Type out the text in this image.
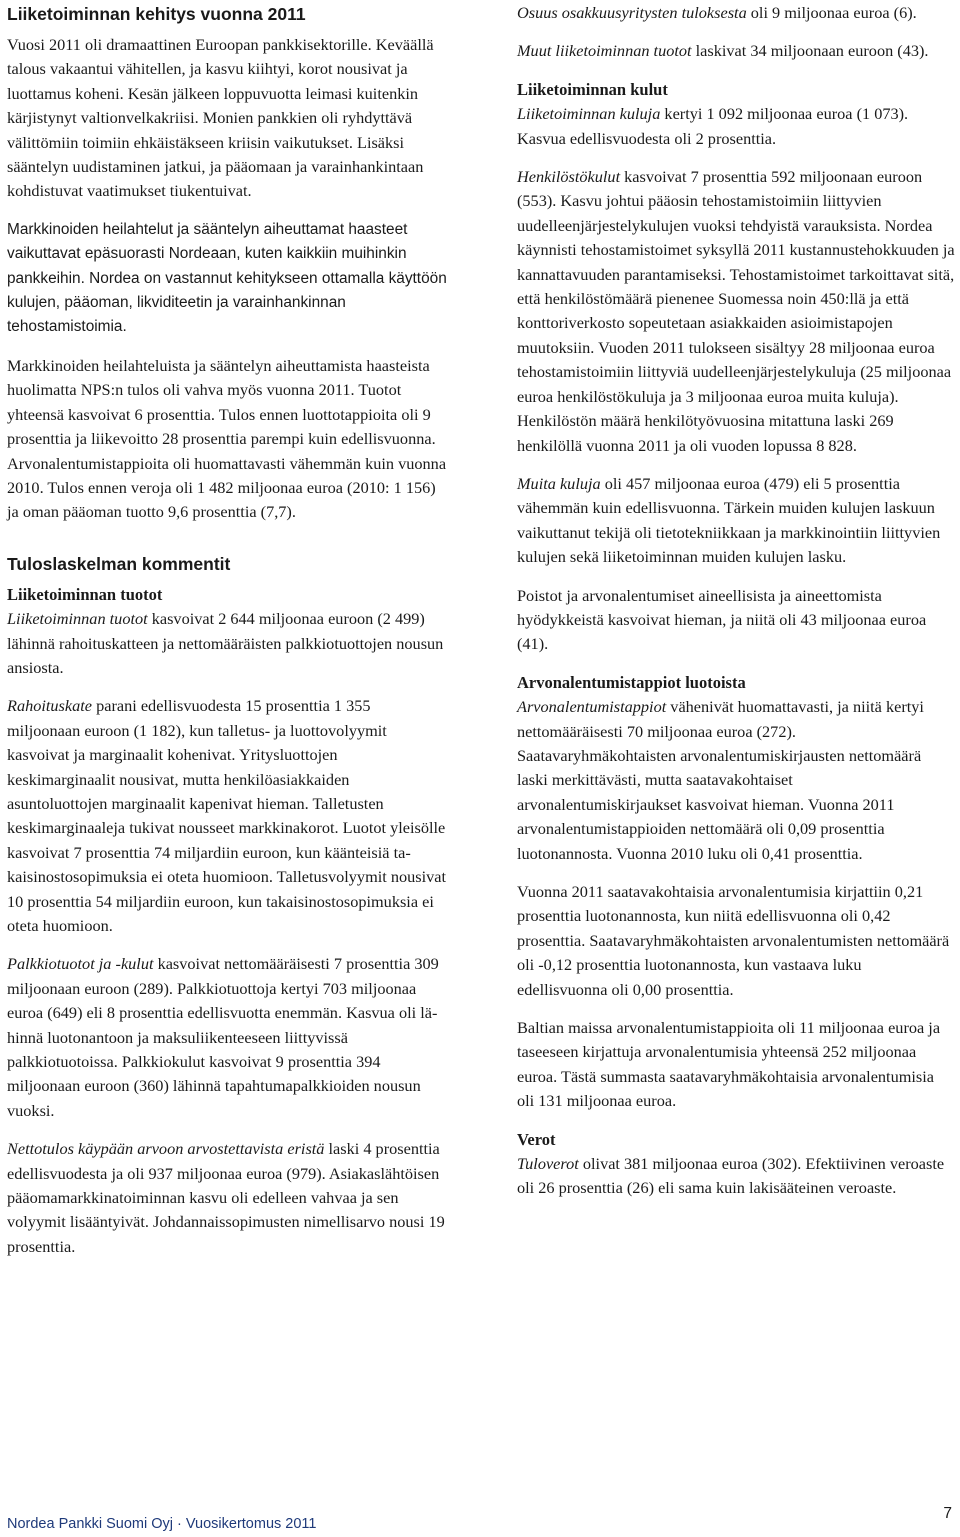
Liiketoiminnan kehitys vuonna 2011

Vuosi 2011 oli dramaattinen Euroopan pankkisektorille. Keväällä talous vakaantui vähitellen, ja kasvu kiihtyi, korot nousivat ja luottamus koheni. Kesän jälkeen loppuvuotta leimasi kuitenkin kärjistynyt valtionvelkakriisi. Monien pankkien oli ryhdyttävä välittömiin toimiin ehkäistäkseen kriisin vaikutukset. Lisäksi sääntelyn uudistaminen jatkui, ja pääomaan ja varainhankintaan kohdistuvat vaatimukset tiukentuivat.

Markkinoiden heilahtelut ja sääntelyn aiheuttamat haasteet vaikuttavat epäsuorasti Nordeaan, kuten kaikkiin muihinkin pankkeihin. Nordea on vastannut kehitykseen ottamalla käyttöön kulujen, pääoman, likviditeetin ja varainhankinnan tehostamistoimia.

Markkinoiden heilahteluista ja sääntelyn aiheuttamista haasteista huolimatta NPS:n tulos oli vahva myös vuonna 2011. Tuotot yhteensä kasvoivat 6 prosenttia. Tulos ennen luottotappioita oli 9 prosenttia ja liikevoitto 28 prosenttia parempi kuin edellisvuonna. Arvonalentumistappioita oli huomattavasti vähemmän kuin vuonna 2010. Tulos ennen veroja oli 1 482 miljoonaa euroa (2010: 1 156) ja oman pääoman tuotto 9,6 prosenttia (7,7).

Tuloslaskelman kommentit
Liiketoiminnan tuotot

Liiketoiminnan tuotot kasvoivat 2 644 miljoonaa euroon (2 499) lähinnä rahoituskatteen ja nettomääräisten palkkiotuottojen nousun ansiosta.

Rahoituskate parani edellisvuodesta 15 prosenttia 1 355 miljoonaan euroon (1 182), kun talletus- ja luottovolyymit kasvoivat ja marginaalit kohenivat. Yritysluottojen keskimarginaalit nousivat, mutta henkilöasiakkaiden asuntoluottojen marginaalit kapenivat hieman. Talletusten keskimarginaaleja tukivat nousseet markkinakorot. Luotot yleisölle kasvoivat 7 prosenttia 74 miljardiin euroon, kun käänteisiä takaisinostosopimuksia ei oteta huomioon. Talletusvolyymit nousivat 10 prosenttia 54 miljardiin euroon, kun takaisinostosopimuksia ei oteta huomioon.

Palkkiotuotot ja -kulut kasvoivat nettomääräisesti 7 prosenttia 309 miljoonaan euroon (289). Palkkiotuottoja kertyi 703 miljoonaa euroa (649) eli 8 prosenttia edellisvuotta enemmän. Kasvua oli lähinnä luotonantoon ja maksuliikenteeseen liittyvissä palkkiotuotoissa. Palkkiokulut kasvoivat 9 prosenttia 394 miljoonaan euroon (360) lähinnä tapahtumapalkkioiden nousun vuoksi.

Nettotulos käypään arvoon arvostettavista eristä laski 4 prosenttia edellisvuodesta ja oli 937 miljoonaa euroa (979). Asiakaslähtöisen pääomamarkkinatoiminnan kasvu oli edelleen vahvaa ja sen volyymit lisääntyivät. Johdannaissopimusten nimellisarvo nousi 19 prosenttia.

Osuus osakkuusyritysten tuloksesta oli 9 miljoonaa euroa (6).

Muut liiketoiminnan tuotot laskivat 34 miljoonaan euroon (43).

Liiketoiminnan kulut

Liiketoiminnan kuluja kertyi 1 092 miljoonaa euroa (1 073). Kasvua edellisvuodesta oli 2 prosenttia.

Henkilöstökulut kasvoivat 7 prosenttia 592 miljoonaan euroon (553). Kasvu johtui pääosin tehostamistoimiin liittyvien uudelleenjärjestelykulujen vuoksi tehdyistä varauksista. Nordea käynnisti tehostamistoimet syksyllä 2011 kustannustehokkuuden ja kannattavuuden parantamiseksi. Tehostamistoimet tarkoittavat sitä, että henkilöstömäärä pienenee Suomessa noin 450:llä ja että konttoriverkosto sopeutetaan asiakkaiden asioimistapojen muutoksiin. Vuoden 2011 tulokseen sisältyy 28 miljoonaa euroa tehostamistoimiin liittyviä uudelleenjärjestelykuluja (25 miljoonaa euroa henkilöstökuluja ja 3 miljoonaa euroa muita kuluja). Henkilöstön määrä henkilötyövuosina mitattuna laski 269 henkilöllä vuonna 2011 ja oli vuoden lopussa 8 828.

Muita kuluja oli 457 miljoonaa euroa (479) eli 5 prosenttia vähemmän kuin edellisvuonna. Tärkein muiden kulujen laskuun vaikuttanut tekijä oli tietotekniikkaan ja markkinointiin liittyvien kulujen sekä liiketoiminnan muiden kulujen lasku.

Poistot ja arvonalentumiset aineellisista ja aineettomista hyödykkeistä kasvoivat hieman, ja niitä oli 43 miljoonaa euroa (41).

Arvonalentumistappiot luotoista

Arvonalentumistappiot vähenivät huomattavasti, ja niitä kertyi nettomääräisesti 70 miljoonaa euroa (272). Saatavaryhmäkohtaisten arvonalentumiskirjausten nettomäärä laski merkittävästi, mutta saatavakohtaiset arvonalentumiskirjaukset kasvoivat hieman. Vuonna 2011 arvonalentumistappioiden nettomäärä oli 0,09 prosenttia luotonannosta. Vuonna 2010 luku oli 0,41 prosenttia.

Vuonna 2011 saatavakohtaisia arvonalentumisia kirjattiin 0,21 prosenttia luotonannosta, kun niitä edellisvuonna oli 0,42 prosenttia. Saatavaryhmäkohtaisten arvonalentumisten nettomäärä oli -0,12 prosenttia luotonannosta, kun vastaava luku edellisvuonna oli 0,00 prosenttia.

Baltian maissa arvonalentumistappioita oli 11 miljoonaa euroa ja taseeseen kirjattuja arvonalentumisia yhteensä 252 miljoonaa euroa. Tästä summasta saatavaryhmäkohtaisia arvonalentumisia oli 131 miljoonaa euroa.

Verot

Tuloverot olivat 381 miljoonaa euroa (302). Efektiivinen veroaste oli 26 prosenttia (26) eli sama kuin lakisääteinen veroaste.

Nordea Pankki Suomi Oyj · Vuosikertomus 2011
7
